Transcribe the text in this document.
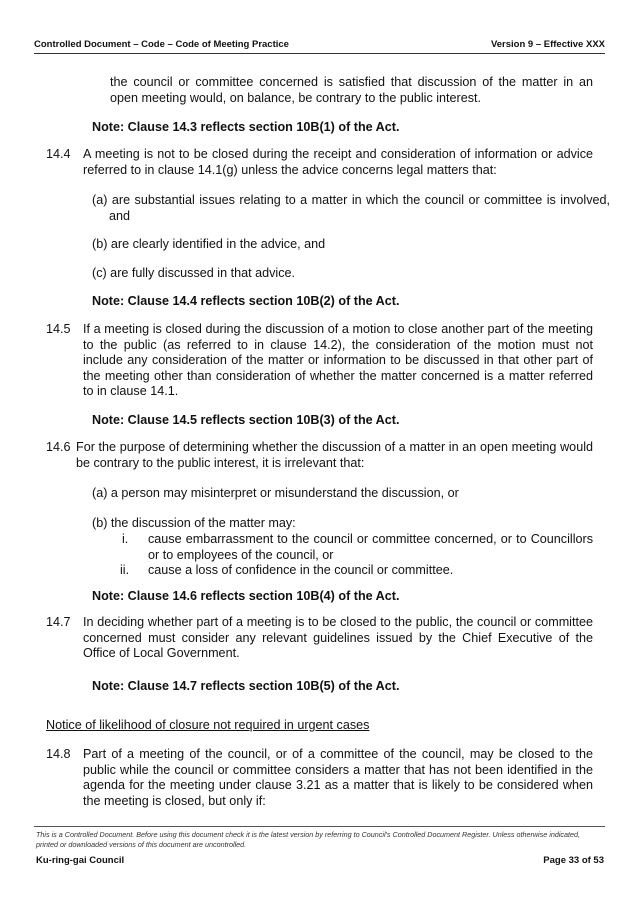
Controlled Document – Code – Code of Meeting Practice	Version 9 – Effective XXX

the council or committee concerned is satisfied that discussion of the matter in an open meeting would, on balance, be contrary to the public interest.

Note: Clause 14.3 reflects section 10B(1) of the Act.

14.4 A meeting is not to be closed during the receipt and consideration of information or advice referred to in clause 14.1(g) unless the advice concerns legal matters that:

(a) are substantial issues relating to a matter in which the council or committee is involved, and

(b) are clearly identified in the advice, and

(c) are fully discussed in that advice.

Note: Clause 14.4 reflects section 10B(2) of the Act.

14.5 If a meeting is closed during the discussion of a motion to close another part of the meeting to the public (as referred to in clause 14.2), the consideration of the motion must not include any consideration of the matter or information to be discussed in that other part of the meeting other than consideration of whether the matter concerned is a matter referred to in clause 14.1.

Note: Clause 14.5 reflects section 10B(3) of the Act.

14.6 For the purpose of determining whether the discussion of a matter in an open meeting would be contrary to the public interest, it is irrelevant that:

(a) a person may misinterpret or misunderstand the discussion, or

(b) the discussion of the matter may:

i. cause embarrassment to the council or committee concerned, or to Councillors or to employees of the council, or

ii. cause a loss of confidence in the council or committee.

Note: Clause 14.6 reflects section 10B(4) of the Act.

14.7 In deciding whether part of a meeting is to be closed to the public, the council or committee concerned must consider any relevant guidelines issued by the Chief Executive of the Office of Local Government.

Note: Clause 14.7 reflects section 10B(5) of the Act.

Notice of likelihood of closure not required in urgent cases
14.8 Part of a meeting of the council, or of a committee of the council, may be closed to the public while the council or committee considers a matter that has not been identified in the agenda for the meeting under clause 3.21 as a matter that is likely to be considered when the meeting is closed, but only if:

This is a Controlled Document. Before using this document check it is the latest version by referring to Council's Controlled Document Register. Unless otherwise indicated, printed or downloaded versions of this document are uncontrolled.

Ku-ring-gai Council	Page 33 of 53
